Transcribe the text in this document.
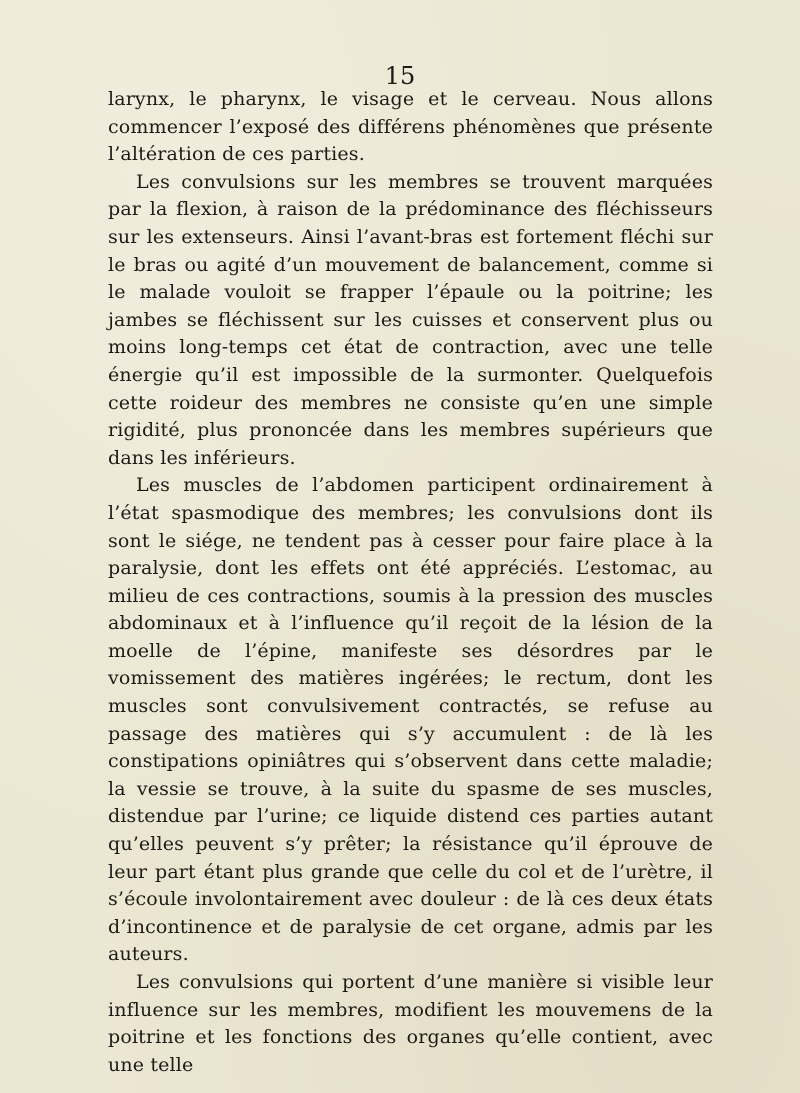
15

larynx, le pharynx, le visage et le cerveau. Nous allons commencer l’exposé des différens phénomènes que présente l’altération de ces parties.

Les convulsions sur les membres se trouvent marquées par la flexion, à raison de la prédominance des fléchisseurs sur les extenseurs. Ainsi l’avant-bras est fortement fléchi sur le bras ou agité d’un mouvement de balancement, comme si le malade vouloit se frapper l’épaule ou la poitrine; les jambes se fléchissent sur les cuisses et conservent plus ou moins long-temps cet état de contraction, avec une telle énergie qu’il est impossible de la surmonter. Quelquefois cette roideur des membres ne consiste qu’en une simple rigidité, plus prononcée dans les membres supérieurs que dans les inférieurs.

Les muscles de l’abdomen participent ordinairement à l’état spasmodique des membres; les convulsions dont ils sont le siége, ne tendent pas à cesser pour faire place à la paralysie, dont les effets ont été appréciés. L’estomac, au milieu de ces contractions, soumis à la pression des muscles abdominaux et à l’influence qu’il reçoit de la lésion de la moelle de l’épine, manifeste ses désordres par le vomissement des matières ingérées; le rectum, dont les muscles sont convulsivement contractés, se refuse au passage des matières qui s’y accumulent : de là les constipations opiniâtres qui s’observent dans cette maladie; la vessie se trouve, à la suite du spasme de ses muscles, distendue par l’urine; ce liquide distend ces parties autant qu’elles peuvent s’y prêter; la résistance qu’il éprouve de leur part étant plus grande que celle du col et de l’urètre, il s’écoule involontairement avec douleur : de là ces deux états d’incontinence et de paralysie de cet organe, admis par les auteurs.

Les convulsions qui portent d’une manière si visible leur influence sur les membres, modifient les mouvemens de la poitrine et les fonctions des organes qu’elle contient, avec une telle
